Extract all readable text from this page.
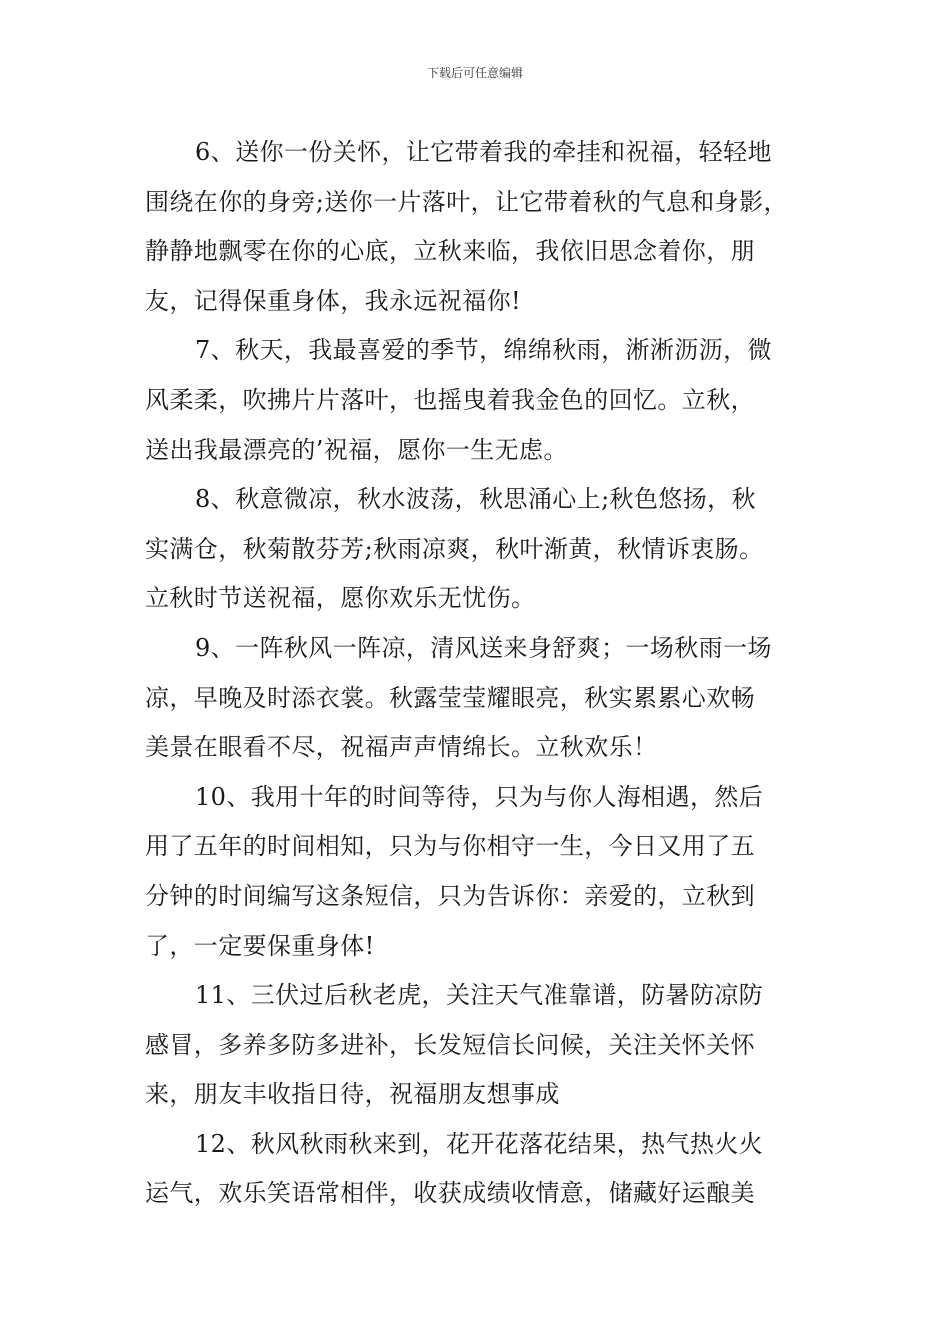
下载后可任意编辑
6、送你一份关怀，让它带着我的牵挂和祝福，轻轻地
围绕在你的身旁;送你一片落叶，让它带着秋的气息和身影，
静静地飘零在你的心底，立秋来临，我依旧思念着你，朋
友，记得保重身体，我永远祝福你!
7、秋天，我最喜爱的季节，绵绵秋雨，淅淅沥沥，微
风柔柔，吹拂片片落叶，也摇曳着我金色的回忆。立秋，
送出我最漂亮的’祝福，愿你一生无虑。
8、秋意微凉，秋水波荡，秋思涌心上;秋色悠扬，秋
实满仓，秋菊散芬芳;秋雨凉爽，秋叶渐黄，秋情诉衷肠。
立秋时节送祝福，愿你欢乐无忧伤。
9、一阵秋风一阵凉，清风送来身舒爽；一场秋雨一场
凉，早晚及时添衣裳。秋露莹莹耀眼亮，秋实累累心欢畅
美景在眼看不尽，祝福声声情绵长。立秋欢乐！
10、我用十年的时间等待，只为与你人海相遇，然后
用了五年的时间相知，只为与你相守一生，今日又用了五
分钟的时间编写这条短信，只为告诉你：亲爱的，立秋到
了，一定要保重身体!
11、三伏过后秋老虎，关注天气准靠谱，防暑防凉防
感冒，多养多防多进补，长发短信长问候，关注关怀关怀
来，朋友丰收指日待，祝福朋友想事成
12、秋风秋雨秋来到，花开花落花结果，热气热火火
运气，欢乐笑语常相伴，收获成绩收情意，储藏好运酿美
